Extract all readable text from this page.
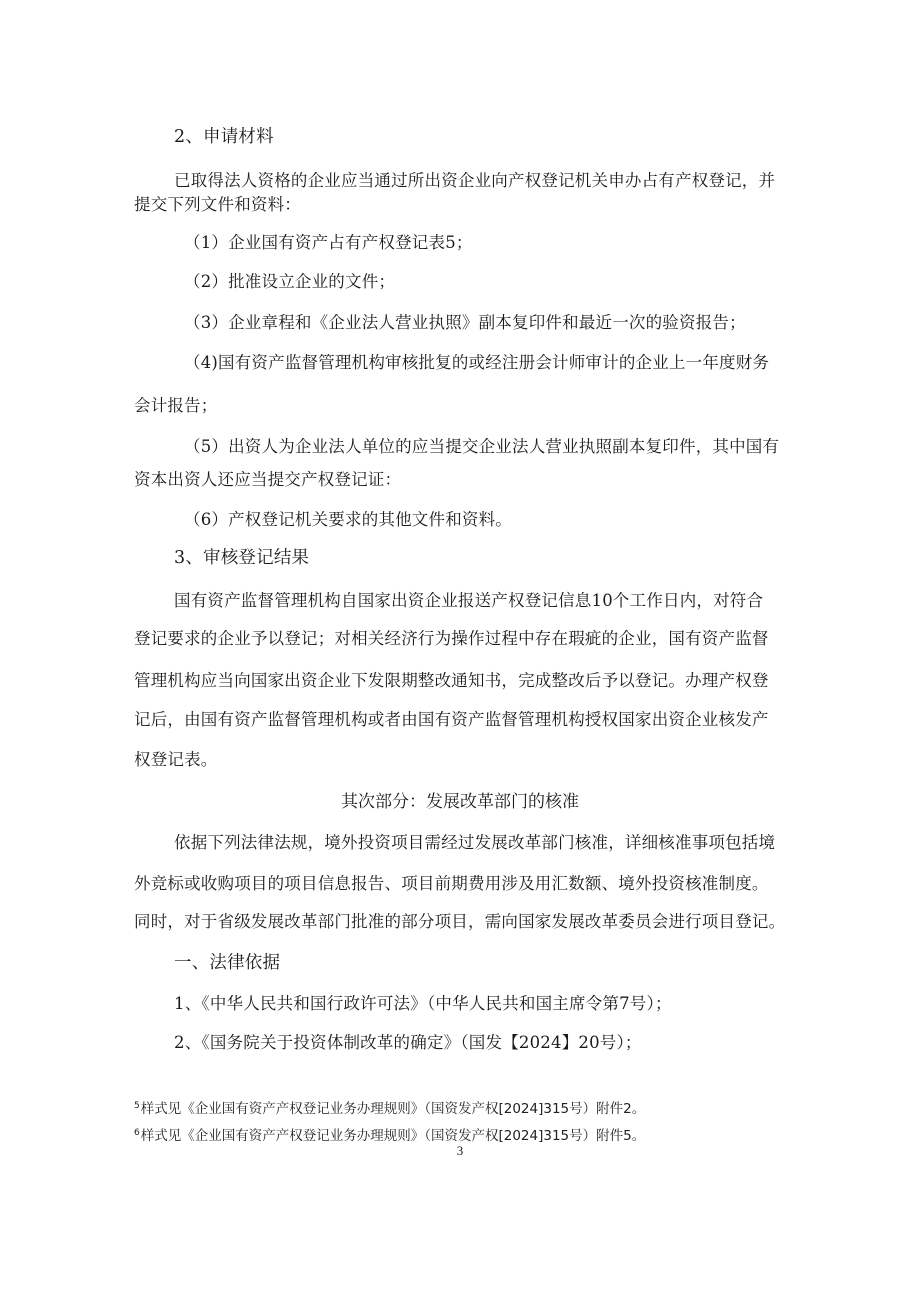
2、申请材料
已取得法人资格的企业应当通过所出资企业向产权登记机关申办占有产权登记，并
提交下列文件和资料：
（1）企业国有资产占有产权登记表5；
（2）批准设立企业的文件；
（3）企业章程和《企业法人营业执照》副本复印件和最近一次的验资报告；
（4)国有资产监督管理机构审核批复的或经注册会计师审计的企业上一年度财务
会计报告；
（5）出资人为企业法人单位的应当提交企业法人营业执照副本复印件，其中国有
资本出资人还应当提交产权登记证：
（6）产权登记机关要求的其他文件和资料。
3、审核登记结果
国有资产监督管理机构自国家出资企业报送产权登记信息10个工作日内，对符合
登记要求的企业予以登记；对相关经济行为操作过程中存在瑕疵的企业，国有资产监督
管理机构应当向国家出资企业下发限期整改通知书，完成整改后予以登记。办理产权登
记后，由国有资产监督管理机构或者由国有资产监督管理机构授权国家出资企业核发产
权登记表。
其次部分：发展改革部门的核准
依据下列法律法规，境外投资项目需经过发展改革部门核准，详细核准事项包括境
外竞标或收购项目的项目信息报告、项目前期费用涉及用汇数额、境外投资核准制度。
同时，对于省级发展改革部门批准的部分项目，需向国家发展改革委员会进行项目登记。
一、法律依据
1、《中华人民共和国行政许可法》（中华人民共和国主席令第7号）；
2、《国务院关于投资体制改革的确定》（国发【2024】20号）；
$^5$样式见《企业国有资产产权登记业务办理规则》（国资发产权[2024]315号）附件2。
$^6$样式见《企业国有资产产权登记业务办理规则》（国资发产权[2024]315号）附件5。
3
